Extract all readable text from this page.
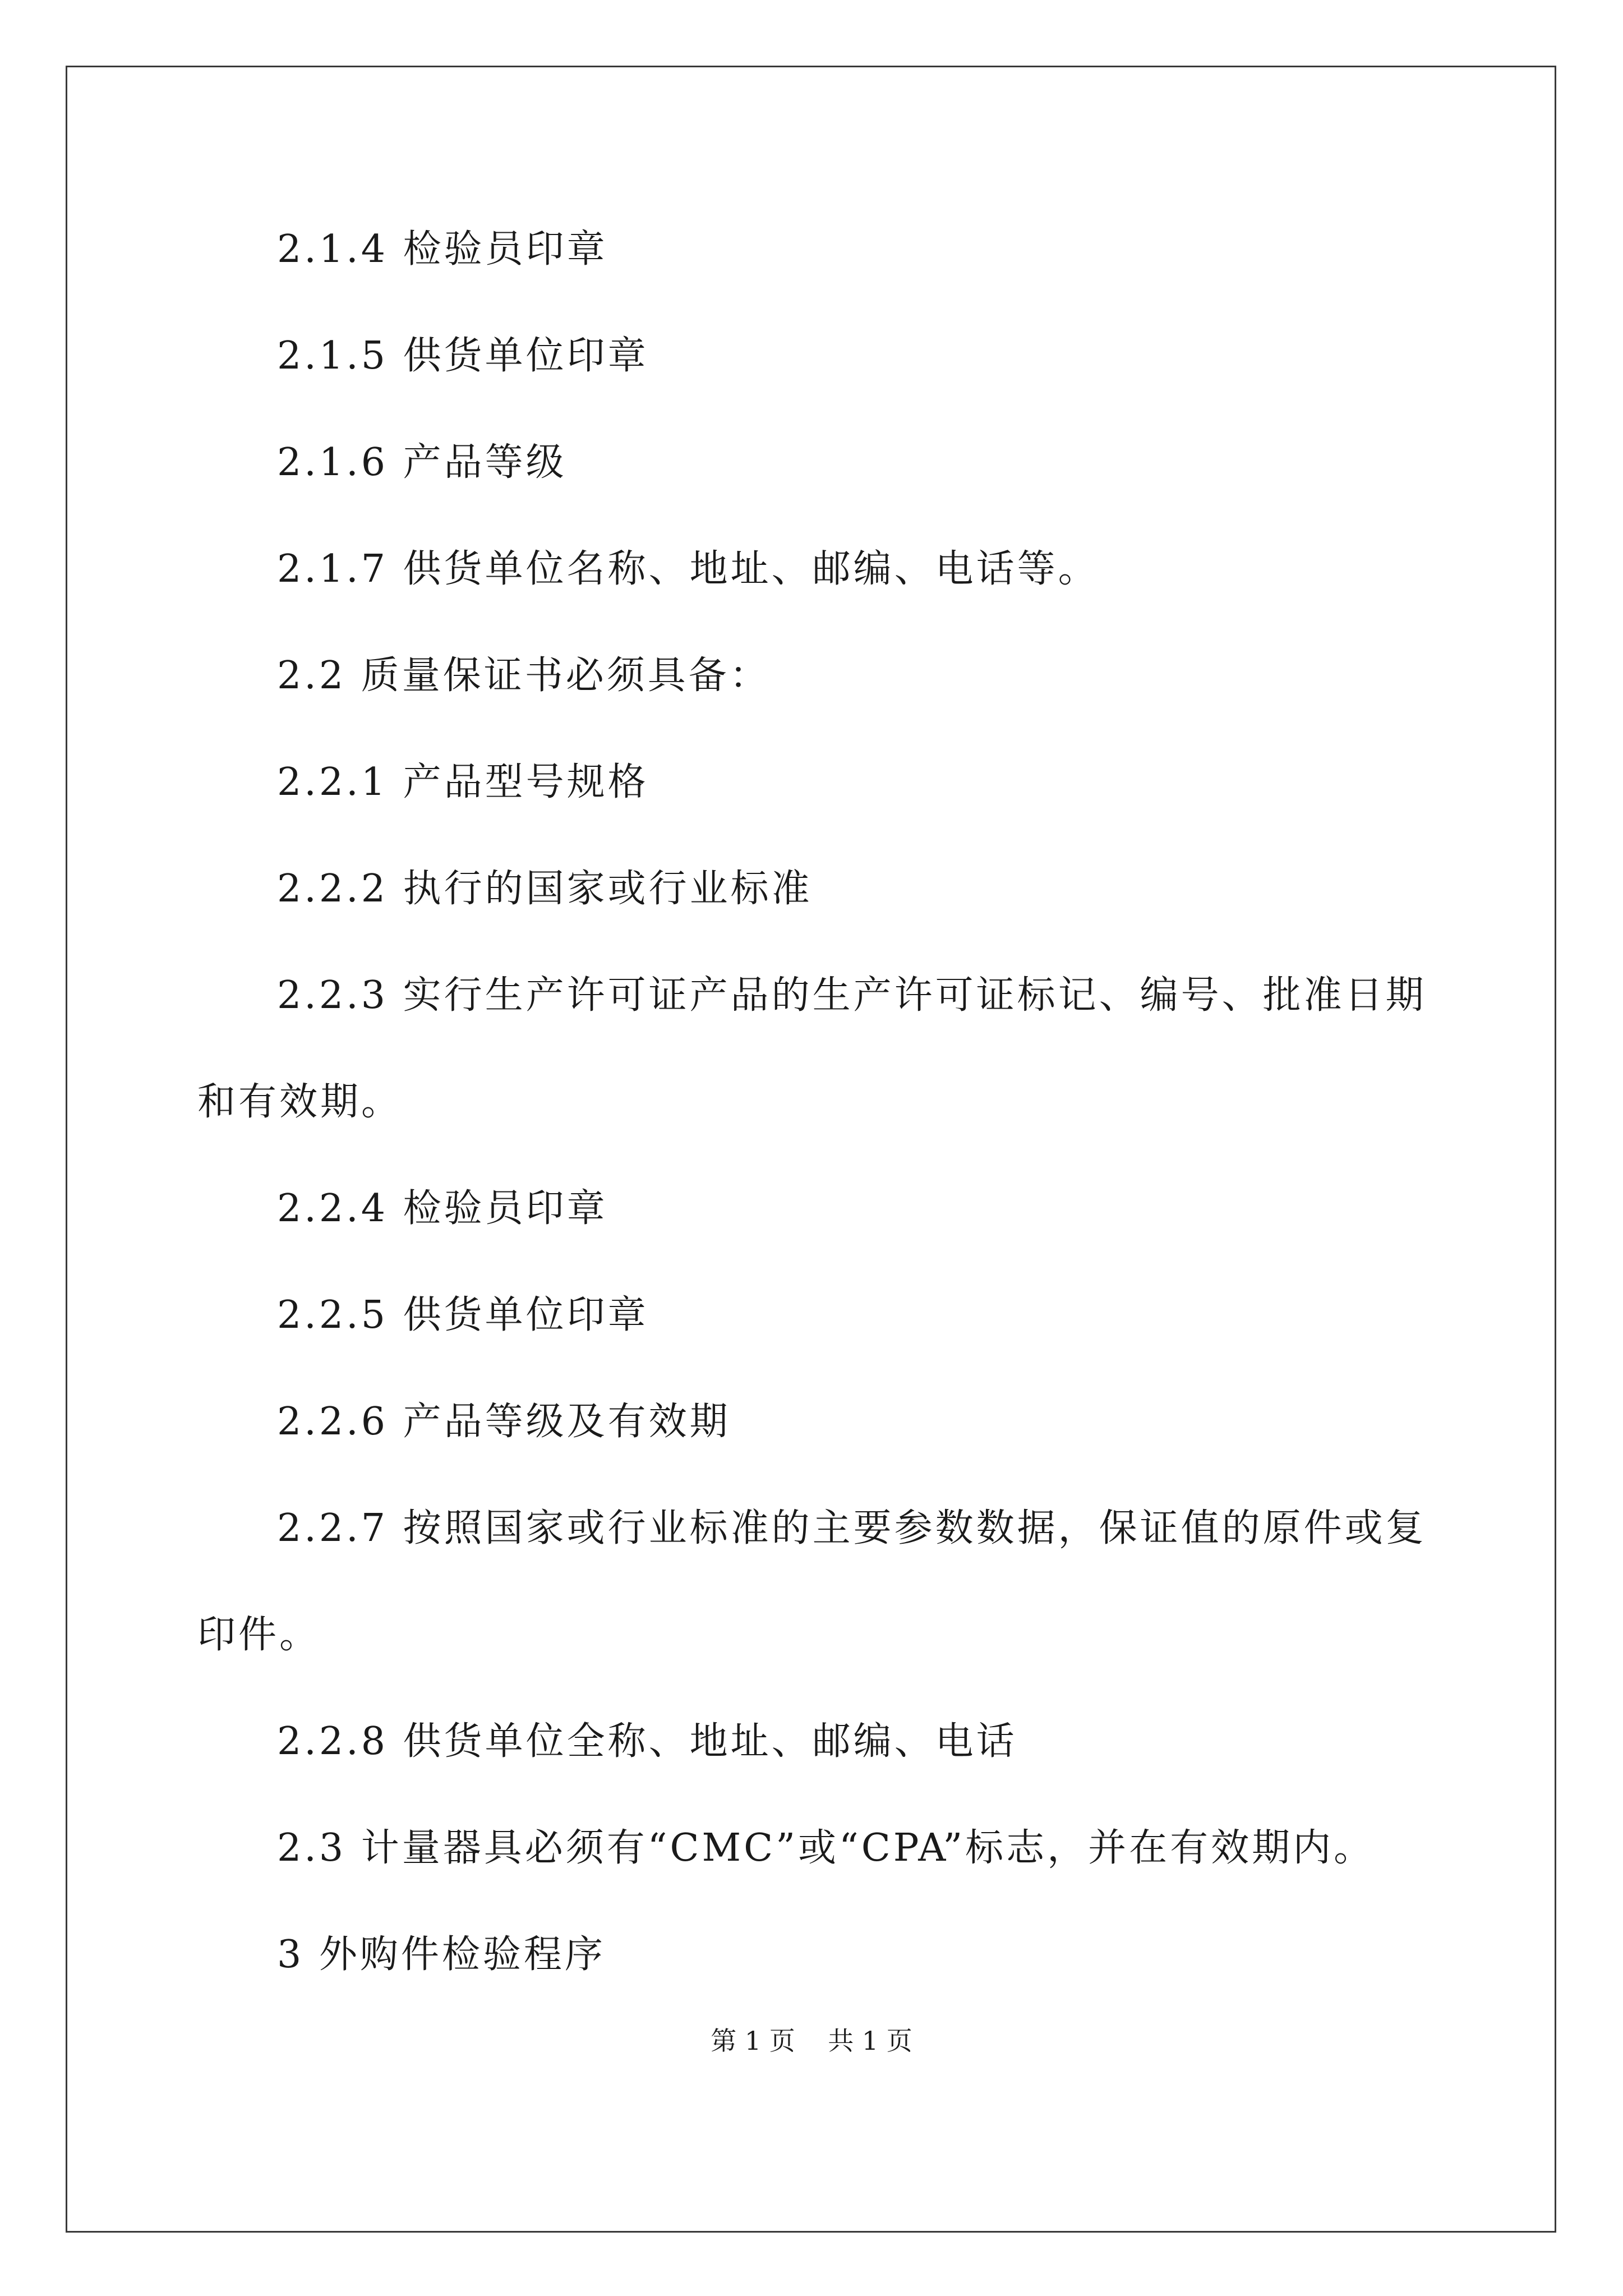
2.1.4 检验员印章
2.1.5 供货单位印章
2.1.6 产品等级
2.1.7 供货单位名称、地址、邮编、电话等。
2.2 质量保证书必须具备：
2.2.1 产品型号规格
2.2.2 执行的国家或行业标准
2.2.3 实行生产许可证产品的生产许可证标记、编号、批准日期
和有效期。
2.2.4 检验员印章
2.2.5 供货单位印章
2.2.6 产品等级及有效期
2.2.7 按照国家或行业标准的主要参数数据，保证值的原件或复
印件。
2.2.8 供货单位全称、地址、邮编、电话
2.3 计量器具必须有“CMC”或“CPA”标志，并在有效期内。
3 外购件检验程序
第 1 页    共 1 页
